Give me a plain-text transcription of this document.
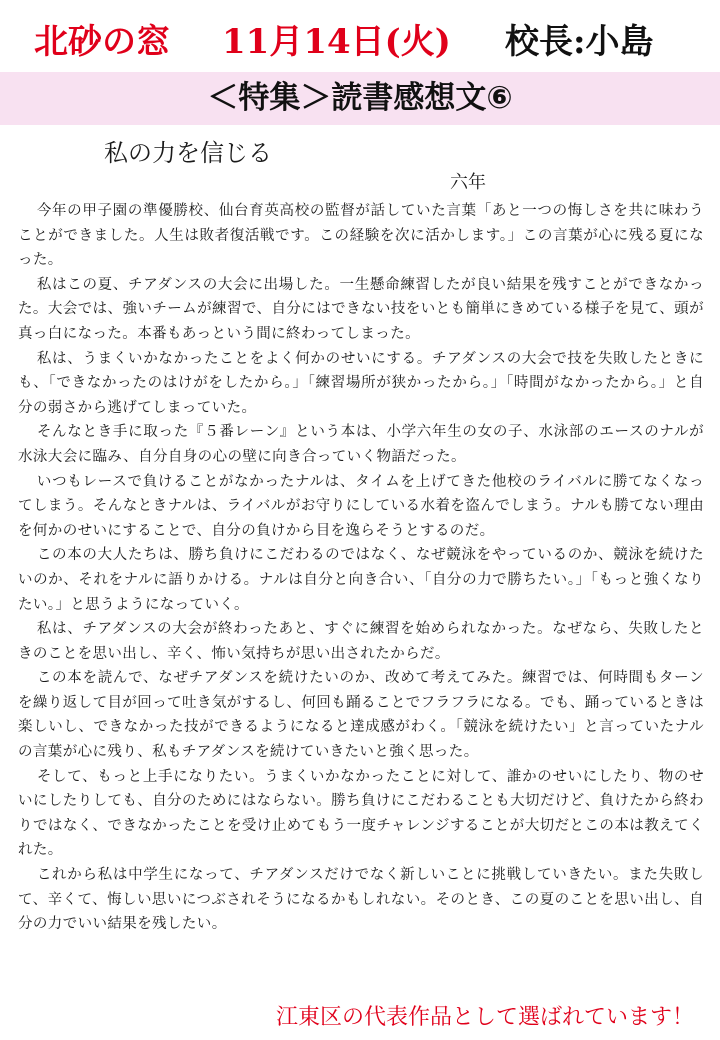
北砂の窓 11月14日(火) 校長:小島
＜特集＞読書感想文⑥
私の力を信じる
六年

今年の甲子園の準優勝校、仙台育英高校の監督が話していた言葉「あと一つの悔しさを共に味わうことができました。人生は敗者復活戦です。この経験を次に活かします。」この言葉が心に残る夏になった。

私はこの夏、チアダンスの大会に出場した。一生懸命練習したが良い結果を残すことができなかった。大会では、強いチームが練習で、自分にはできない技をいとも簡単にきめている様子を見て、頭が真っ白になった。本番もあっという間に終わってしまった。

私は、うまくいかなかったことをよく何かのせいにする。チアダンスの大会で技を失敗したときにも、「できなかったのはけがをしたから。」「練習場所が狭かったから。」「時間がなかったから。」と自分の弱さから逃げてしまっていた。

そんなとき手に取った『５番レーン』という本は、小学六年生の女の子、水泳部のエースのナルが水泳大会に臨み、自分自身の心の壁に向き合っていく物語だった。

いつもレースで負けることがなかったナルは、タイムを上げてきた他校のライバルに勝てなくなってしまう。そんなときナルは、ライバルがお守りにしている水着を盗んでしまう。ナルも勝てない理由を何かのせいにすることで、自分の負けから目を逸らそうとするのだ。

この本の大人たちは、勝ち負けにこだわるのではなく、なぜ競泳をやっているのか、競泳を続けたいのか、それをナルに語りかける。ナルは自分と向き合い、「自分の力で勝ちたい。」「もっと強くなりたい。」と思うようになっていく。

私は、チアダンスの大会が終わったあと、すぐに練習を始められなかった。なぜなら、失敗したときのことを思い出し、辛く、怖い気持ちが思い出されたからだ。

この本を読んで、なぜチアダンスを続けたいのか、改めて考えてみた。練習では、何時間もターンを繰り返して目が回って吐き気がするし、何回も踊ることでフラフラになる。でも、踊っているときは楽しいし、できなかった技ができるようになると達成感がわく。「競泳を続けたい」と言っていたナルの言葉が心に残り、私もチアダンスを続けていきたいと強く思った。

そして、もっと上手になりたい。うまくいかなかったことに対して、誰かのせいにしたり、物のせいにしたりしても、自分のためにはならない。勝ち負けにこだわることも大切だけど、負けたから終わりではなく、できなかったことを受け止めてもう一度チャレンジすることが大切だとこの本は教えてくれた。

これから私は中学生になって、チアダンスだけでなく新しいことに挑戦していきたい。また失敗して、辛くて、悔しい思いにつぶされそうになるかもしれない。そのとき、この夏のことを思い出し、自分の力でいい結果を残したい。

江東区の代表作品として選ばれています！
